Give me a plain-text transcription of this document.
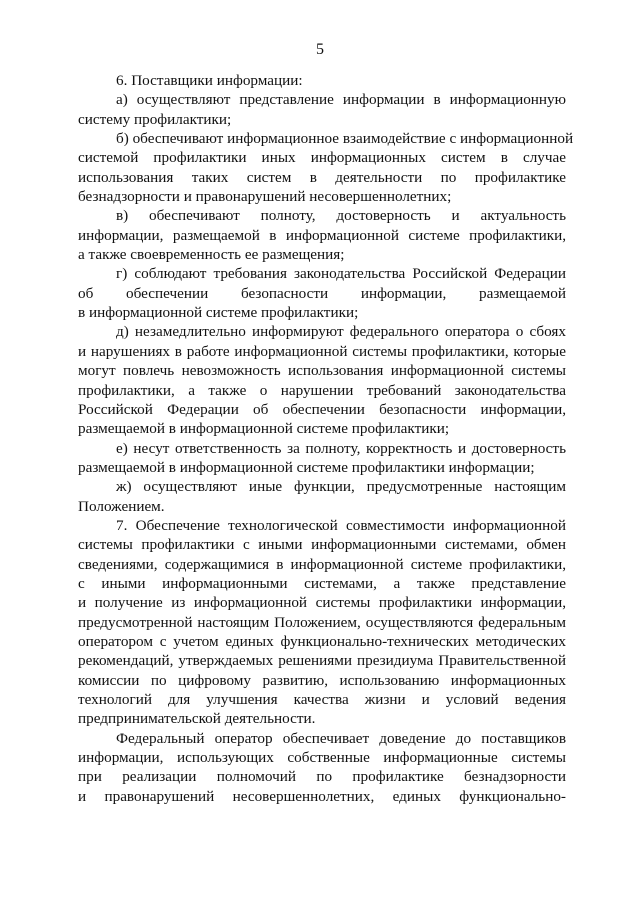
5
6. Поставщики информации:
а) осуществляют представление информации в информационную
систему профилактики;
б) обеспечивают информационное взаимодействие с информационной
системой профилактики иных информационных систем в случае
использования таких систем в деятельности по профилактике
безнадзорности и правонарушений несовершеннолетних;
в) обеспечивают полноту, достоверность и актуальность
информации, размещаемой в информационной системе профилактики,
а также своевременность ее размещения;
г) соблюдают требования законодательства Российской Федерации
об обеспечении безопасности информации, размещаемой
в информационной системе профилактики;
д) незамедлительно информируют федерального оператора о сбоях
и нарушениях в работе информационной системы профилактики, которые
могут повлечь невозможность использования информационной системы
профилактики, а также о нарушении требований законодательства
Российской Федерации об обеспечении безопасности информации,
размещаемой в информационной системе профилактики;
е) несут ответственность за полноту, корректность и достоверность
размещаемой в информационной системе профилактики информации;
ж) осуществляют иные функции, предусмотренные настоящим
Положением.
7. Обеспечение технологической совместимости информационной
системы профилактики с иными информационными системами, обмен
сведениями, содержащимися в информационной системе профилактики,
с иными информационными системами, а также представление
и получение из информационной системы профилактики информации,
предусмотренной настоящим Положением, осуществляются федеральным
оператором с учетом единых функционально-технических методических
рекомендаций, утверждаемых решениями президиума Правительственной
комиссии по цифровому развитию, использованию информационных
технологий для улучшения качества жизни и условий ведения
предпринимательской деятельности.
Федеральный оператор обеспечивает доведение до поставщиков
информации, использующих собственные информационные системы
при реализации полномочий по профилактике безнадзорности
и правонарушений несовершеннолетних, единых функционально-
